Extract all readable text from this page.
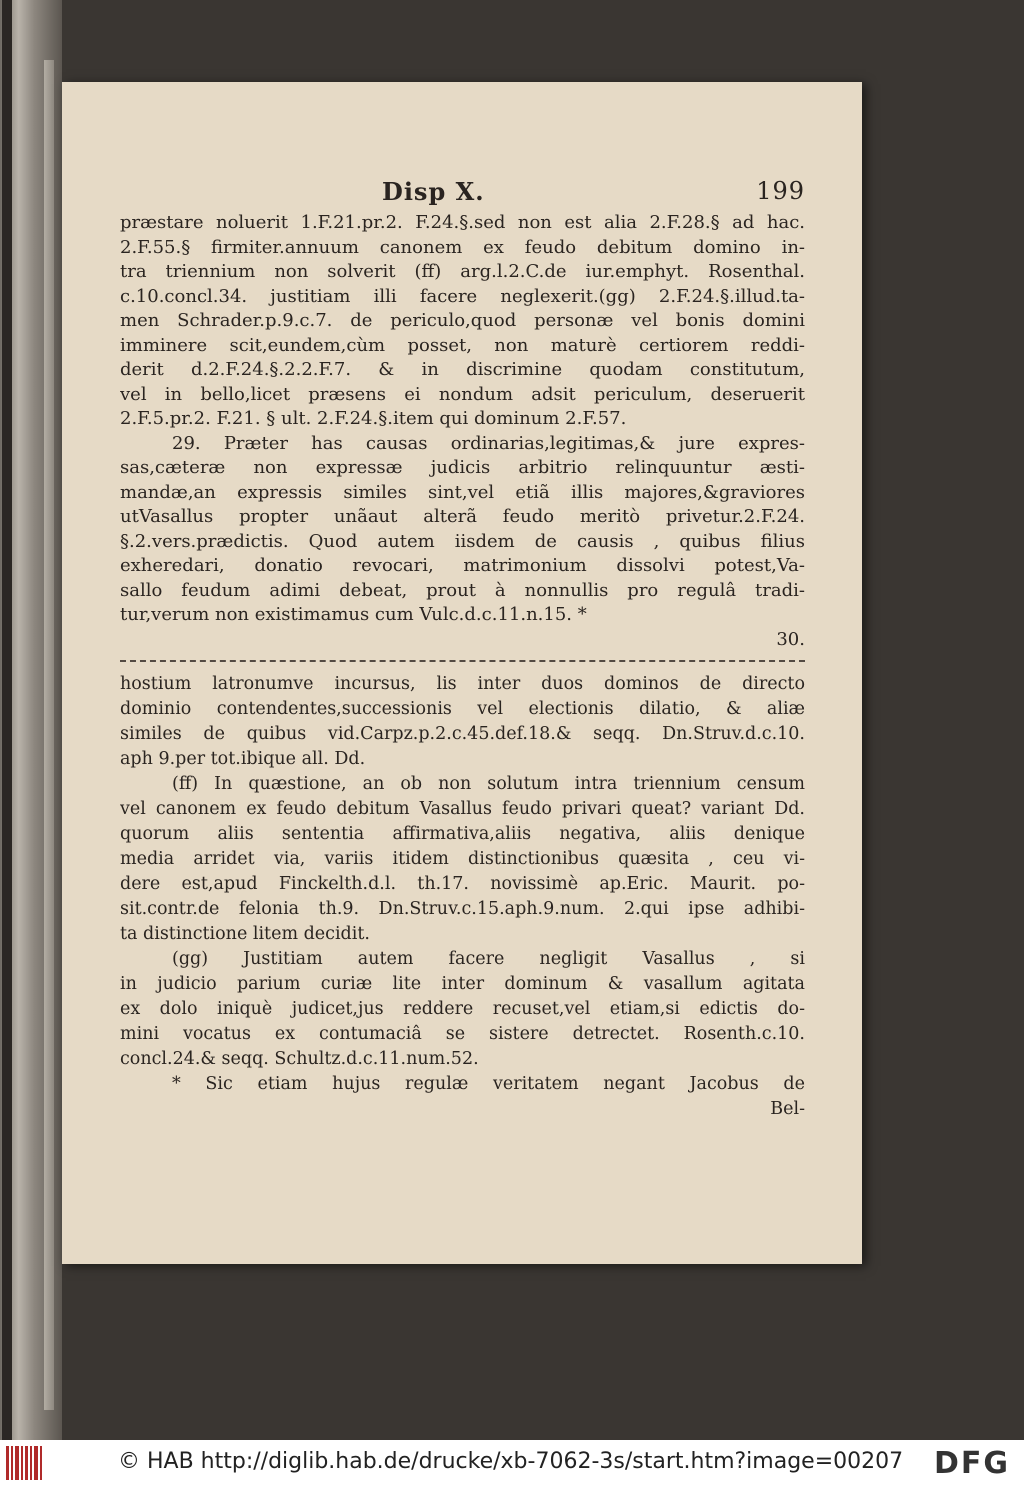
Disp X.	199
præstare noluerit 1.F.21.pr.2. F.24.§.sed non est alia 2.F.28.§ ad hac.
2.F.55.§ firmiter.annuum canonem ex feudo debitum domino in-
tra triennium non solverit (ff) arg.l.2.C.de iur.emphyt. Rosenthal.
c.10.concl.34. justitiam illi facere neglexerit.(gg) 2.F.24.§.illud.ta-
men Schrader.p.9.c.7. de periculo,quod personæ vel bonis domini
imminere scit,eundem,cùm posset, non maturè certiorem reddi-
derit d.2.F.24.§.2.2.F.7. & in discrimine quodam constitutum,
vel in bello,licet præsens ei nondum adsit periculum, deseruerit
2.F.5.pr.2. F.21. § ult. 2.F.24.§.item qui dominum 2.F.57.
29. Præter has causas ordinarias,legitimas,& jure expres-
sas,cæteræ non expressæ judicis arbitrio relinquuntur æsti-
mandæ,an expressis similes sint,vel etiã illis majores,&graviores
utVasallus propter unãaut alterã feudo meritò privetur.2.F.24.
§.2.vers.prædictis. Quod autem iisdem de causis , quibus filius
exheredari, donatio revocari, matrimonium dissolvi potest,Va-
sallo feudum adimi debeat, prout à nonnullis pro regulâ tradi-
tur,verum non existimamus cum Vulc.d.c.11.n.15. *
30.
hostium latronumve incursus, lis inter duos dominos de directo
dominio contendentes,successionis vel electionis dilatio, & aliæ
similes de quibus vid.Carpz.p.2.c.45.def.18.& seqq. Dn.Struv.d.c.10.
aph 9.per tot.ibique all. Dd.
(ff) In quæstione, an ob non solutum intra triennium censum
vel canonem ex feudo debitum Vasallus feudo privari queat? variant Dd.
quorum aliis sententia affirmativa,aliis negativa, aliis denique
media arridet via, variis itidem distinctionibus quæsita , ceu vi-
dere est,apud Finckelth.d.l. th.17. novissimè ap.Eric. Maurit. po-
sit.contr.de felonia th.9. Dn.Struv.c.15.aph.9.num. 2.qui ipse adhibi-
ta distinctione litem decidit.
(gg) Justitiam autem facere negligit Vasallus , si
in judicio parium curiæ lite inter dominum & vasallum agitata
ex dolo iniquè judicet,jus reddere recuset,vel etiam,si edictis do-
mini vocatus ex contumaciâ se sistere detrectet. Rosenth.c.10.
concl.24.& seqq. Schultz.d.c.11.num.52.
* Sic etiam hujus regulæ veritatem negant Jacobus de
Bel-
© HAB http://diglib.hab.de/drucke/xb-7062-3s/start.htm?image=00207 DFG
